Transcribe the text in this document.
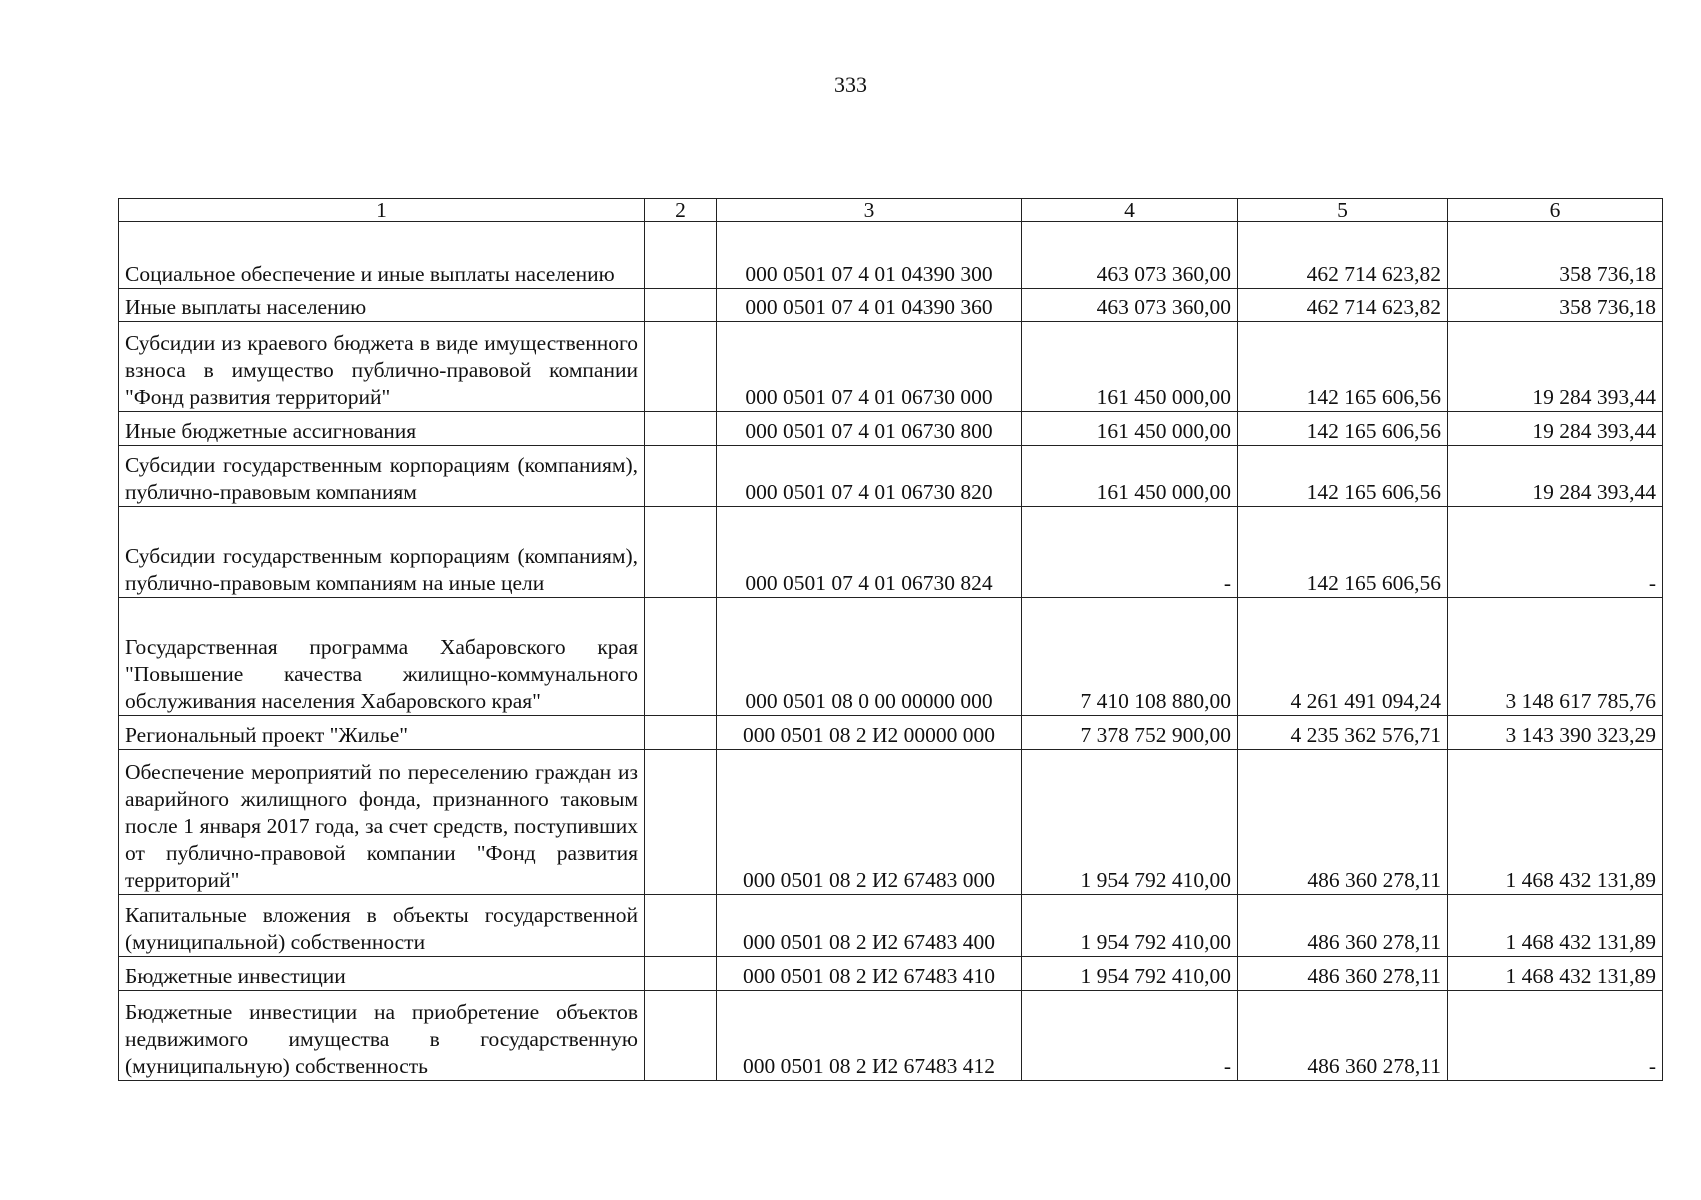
333
1	2	3	4	5	6
Социальное обеспечение и иные выплаты населению		000 0501 07 4 01 04390 300	463 073 360,00	462 714 623,82	358 736,18
Иные выплаты населению		000 0501 07 4 01 04390 360	463 073 360,00	462 714 623,82	358 736,18
Субсидии из краевого бюджета в виде имущественного взноса в имущество публично-правовой компании "Фонд развития территорий"		000 0501 07 4 01 06730 000	161 450 000,00	142 165 606,56	19 284 393,44
Иные бюджетные ассигнования		000 0501 07 4 01 06730 800	161 450 000,00	142 165 606,56	19 284 393,44
Субсидии государственным корпорациям (компаниям), публично-правовым компаниям		000 0501 07 4 01 06730 820	161 450 000,00	142 165 606,56	19 284 393,44
Субсидии государственным корпорациям (компаниям), публично-правовым компаниям на иные цели		000 0501 07 4 01 06730 824	-	142 165 606,56	-
Государственная программа Хабаровского края "Повышение качества жилищно-коммунального обслуживания населения Хабаровского края"		000 0501 08 0 00 00000 000	7 410 108 880,00	4 261 491 094,24	3 148 617 785,76
Региональный проект "Жилье"		000 0501 08 2 И2 00000 000	7 378 752 900,00	4 235 362 576,71	3 143 390 323,29
Обеспечение мероприятий по переселению граждан из аварийного жилищного фонда, признанного таковым после 1 января 2017 года, за счет средств, поступивших от публично-правовой компании "Фонд развития территорий"		000 0501 08 2 И2 67483 000	1 954 792 410,00	486 360 278,11	1 468 432 131,89
Капитальные вложения в объекты государственной (муниципальной) собственности		000 0501 08 2 И2 67483 400	1 954 792 410,00	486 360 278,11	1 468 432 131,89
Бюджетные инвестиции		000 0501 08 2 И2 67483 410	1 954 792 410,00	486 360 278,11	1 468 432 131,89
Бюджетные инвестиции на приобретение объектов недвижимого имущества в государственную (муниципальную) собственность		000 0501 08 2 И2 67483 412	-	486 360 278,11	-
